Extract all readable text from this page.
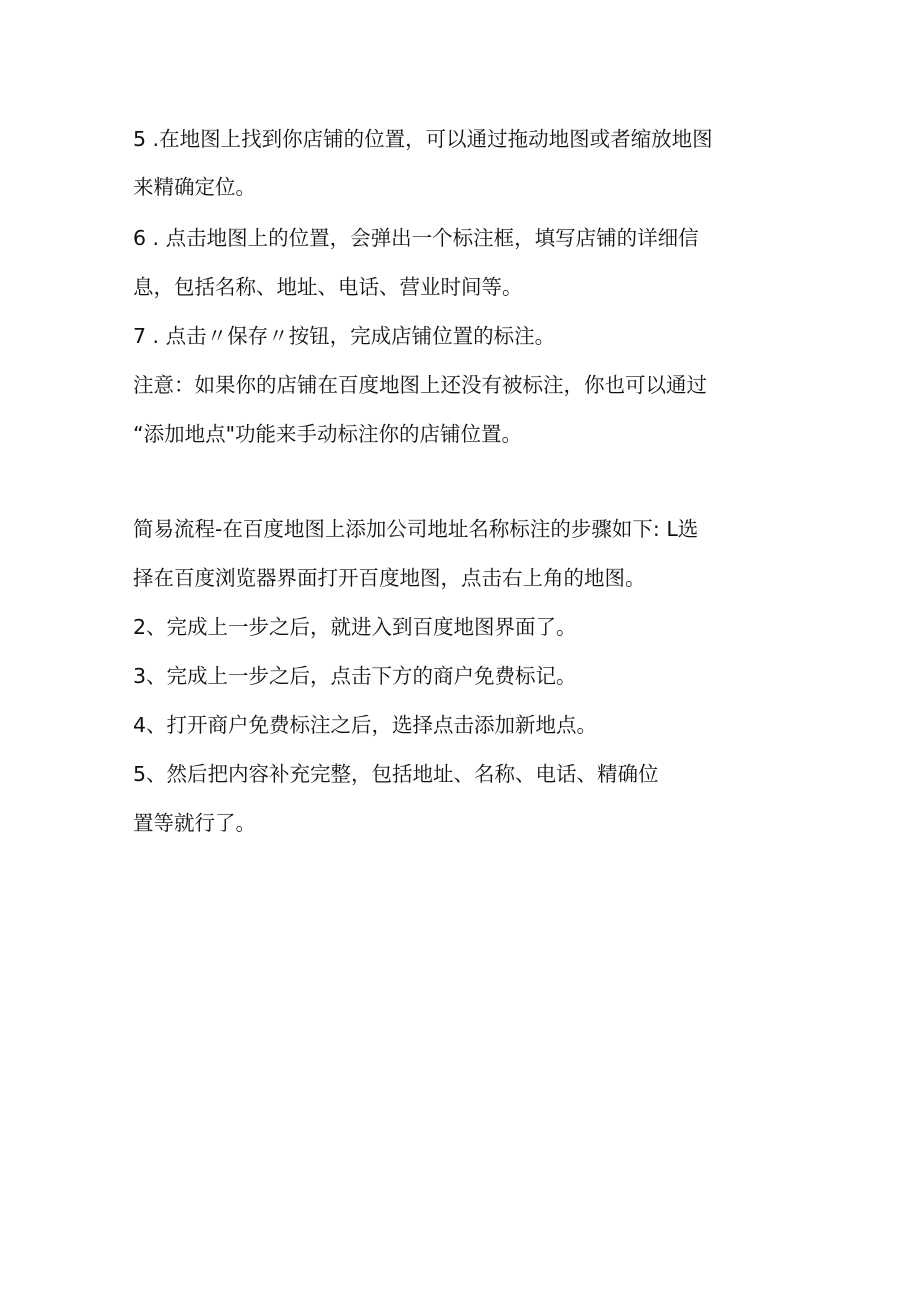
5 .在地图上找到你店铺的位置，可以通过拖动地图或者缩放地图

来精确定位。

6 . 点击地图上的位置，会弹出一个标注框，填写店铺的详细信

息，包括名称、地址、电话、营业时间等。

7 . 点击〃保存〃按钮，完成店铺位置的标注。

注意：如果你的店铺在百度地图上还没有被标注，你也可以通过

“添加地点"功能来手动标注你的店铺位置。

简易流程-在百度地图上添加公司地址名称标注的步骤如下: L选

择在百度浏览器界面打开百度地图，点击右上角的地图。

2、完成上一步之后，就进入到百度地图界面了。

3、完成上一步之后，点击下方的商户免费标记。

4、打开商户免费标注之后，选择点击添加新地点。

5、然后把内容补充完整，包括地址、名称、电话、精确位

置等就行了。
